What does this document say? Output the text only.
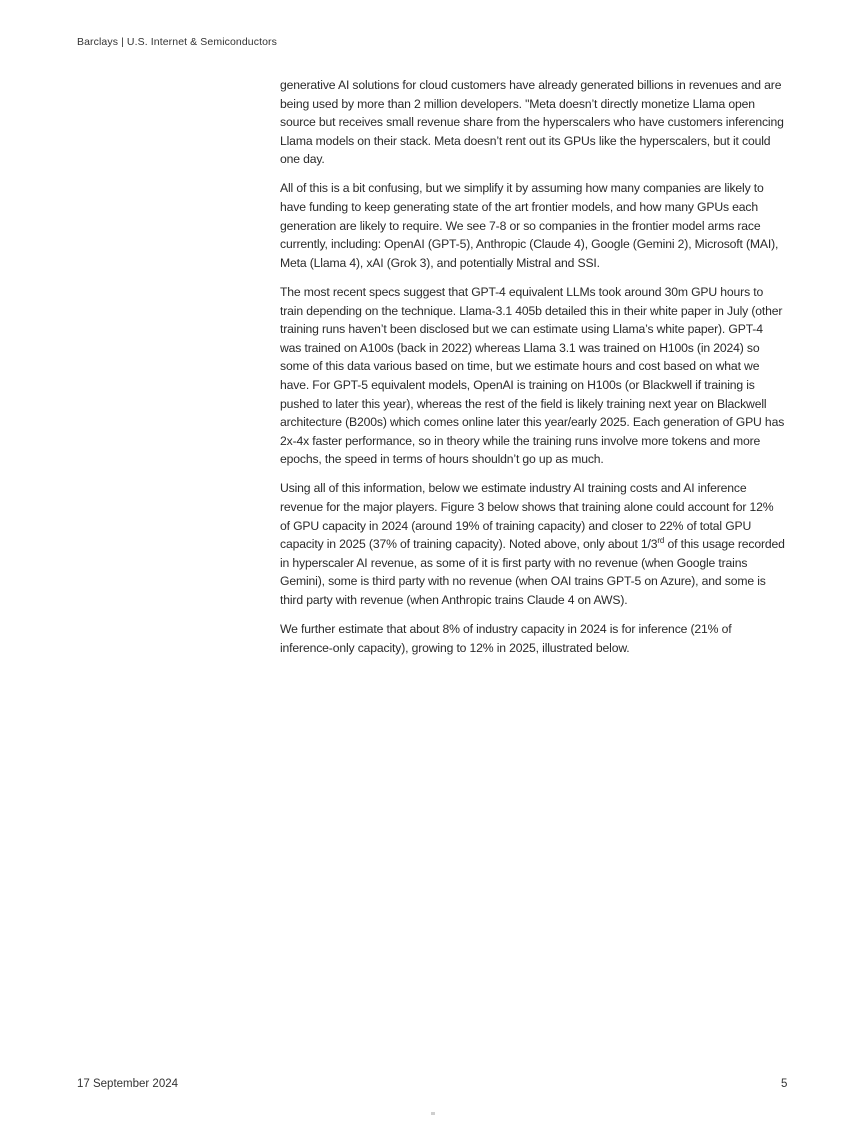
Barclays | U.S. Internet & Semiconductors

generative AI solutions for cloud customers have already generated billions in revenues and are being used by more than 2 million developers. "Meta doesn’t directly monetize Llama open source but receives small revenue share from the hyperscalers who have customers inferencing Llama models on their stack. Meta doesn’t rent out its GPUs like the hyperscalers, but it could one day.

All of this is a bit confusing, but we simplify it by assuming how many companies are likely to have funding to keep generating state of the art frontier models, and how many GPUs each generation are likely to require. We see 7-8 or so companies in the frontier model arms race currently, including: OpenAI (GPT-5), Anthropic (Claude 4), Google (Gemini 2), Microsoft (MAI), Meta (Llama 4), xAI (Grok 3), and potentially Mistral and SSI.

The most recent specs suggest that GPT-4 equivalent LLMs took around 30m GPU hours to train depending on the technique. Llama-3.1 405b detailed this in their white paper in July (other training runs haven’t been disclosed but we can estimate using Llama’s white paper). GPT-4 was trained on A100s (back in 2022) whereas Llama 3.1 was trained on H100s (in 2024) so some of this data various based on time, but we estimate hours and cost based on what we have. For GPT-5 equivalent models, OpenAI is training on H100s (or Blackwell if training is pushed to later this year), whereas the rest of the field is likely training next year on Blackwell architecture (B200s) which comes online later this year/early 2025. Each generation of GPU has 2x-4x faster performance, so in theory while the training runs involve more tokens and more epochs, the speed in terms of hours shouldn’t go up as much.

Using all of this information, below we estimate industry AI training costs and AI inference revenue for the major players. Figure 3 below shows that training alone could account for 12% of GPU capacity in 2024 (around 19% of training capacity) and closer to 22% of total GPU capacity in 2025 (37% of training capacity). Noted above, only about 1/3rd of this usage recorded in hyperscaler AI revenue, as some of it is first party with no revenue (when Google trains Gemini), some is third party with no revenue (when OAI trains GPT-5 on Azure), and some is third party with revenue (when Anthropic trains Claude 4 on AWS).

We further estimate that about 8% of industry capacity in 2024 is for inference (21% of inference-only capacity), growing to 12% in 2025, illustrated below.

17 September 2024	5
